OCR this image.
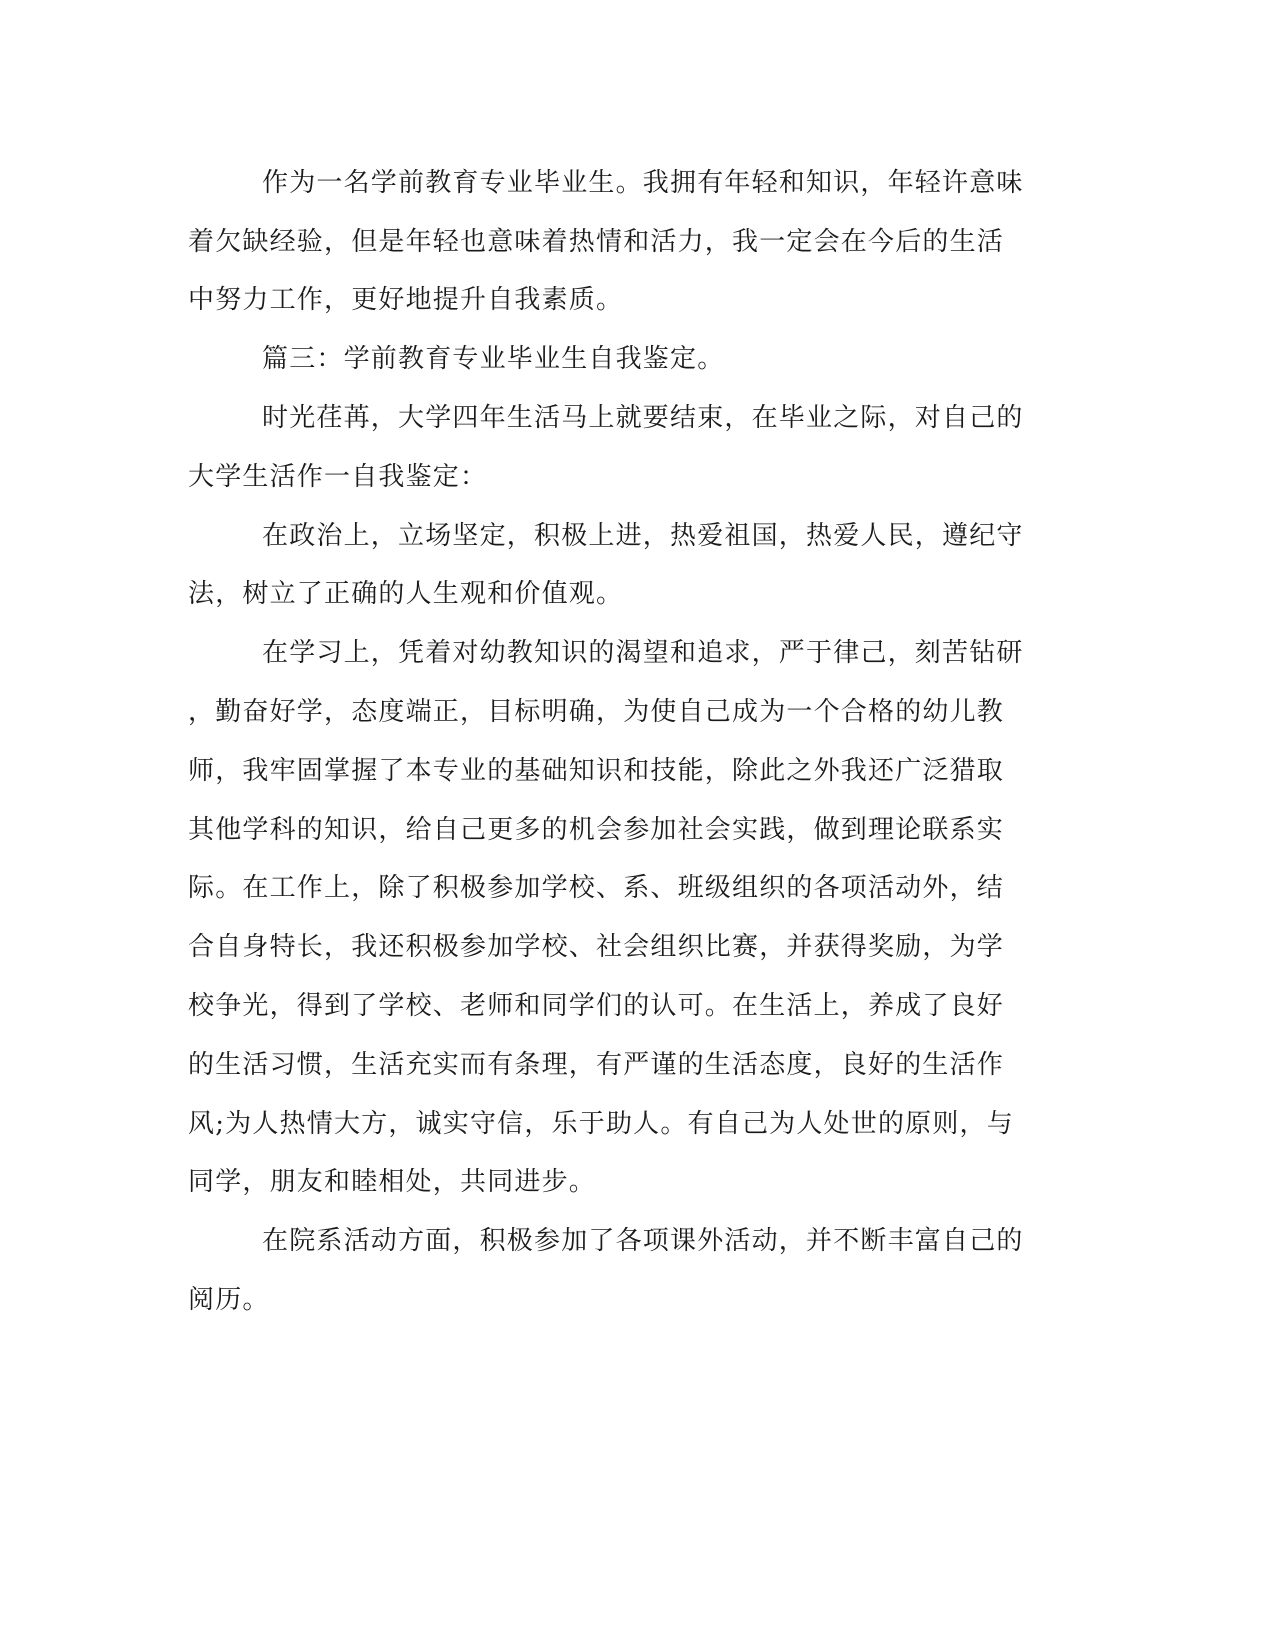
作为一名学前教育专业毕业生。我拥有年轻和知识，年轻许意味
着欠缺经验，但是年轻也意味着热情和活力，我一定会在今后的生活
中努力工作，更好地提升自我素质。
篇三：学前教育专业毕业生自我鉴定。
时光荏苒，大学四年生活马上就要结束，在毕业之际，对自己的
大学生活作一自我鉴定：
在政治上，立场坚定，积极上进，热爱祖国，热爱人民，遵纪守
法，树立了正确的人生观和价值观。
在学习上，凭着对幼教知识的渴望和追求，严于律己，刻苦钻研
，勤奋好学，态度端正，目标明确，为使自己成为一个合格的幼儿教
师，我牢固掌握了本专业的基础知识和技能，除此之外我还广泛猎取
其他学科的知识，给自己更多的机会参加社会实践，做到理论联系实
际。在工作上，除了积极参加学校、系、班级组织的各项活动外，结
合自身特长，我还积极参加学校、社会组织比赛，并获得奖励，为学
校争光，得到了学校、老师和同学们的认可。在生活上，养成了良好
的生活习惯，生活充实而有条理，有严谨的生活态度，良好的生活作
风;为人热情大方，诚实守信，乐于助人。有自己为人处世的原则，与
同学，朋友和睦相处，共同进步。
在院系活动方面，积极参加了各项课外活动，并不断丰富自己的
阅历。
